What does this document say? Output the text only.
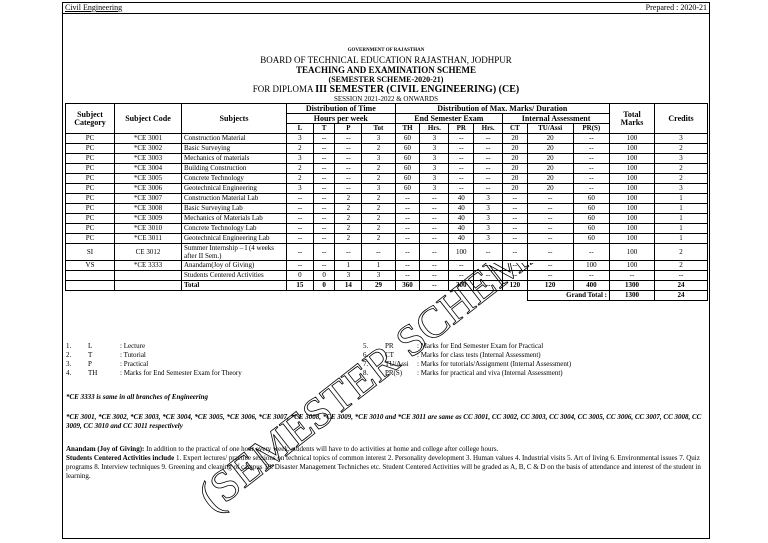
Civil Engineering	Prepared : 2020-21
GOVERNMENT OF RAJASTHAN
BOARD OF TECHNICAL EDUCATION RAJASTHAN, JODHPUR
TEACHING AND EXAMINATION SCHEME
(SEMESTER SCHEME-2020-21)
FOR DIPLOMA III SEMESTER (CIVIL ENGINEERING) (CE)
SESSION 2021-2022 & ONWARDS
Subject Category	Subject Code	Subjects	Distribution of Time				Distribution of Max. Marks/ Duration							Total Marks	Credits
			Hours per week				End Semester Exam				Internal Assessment				
			L	T	P	Tot	TH	Hrs.	PR	Hrs.	CT	TU/Assi	PR(S)		
PC	*CE 3001	Construction Material	3	--	--	3	60	3	--	--	20	20	--	100	3
PC	*CE 3002	Basic Surveying	2	--	--	2	60	3	--	--	20	20	--	100	2
PC	*CE 3003	Mechanics of materials	3	--	--	3	60	3	--	--	20	20	--	100	3
PC	*CE 3004	Building Construction	2	--	--	2	60	3	--	--	20	20	--	100	2
PC	*CE 3005	Concrete Technology	2	--	--	2	60	3	--	--	20	20	--	100	2
PC	*CE 3006	Geotechnical Engineering	3	--	--	3	60	3	--	--	20	20	--	100	3
PC	*CE 3007	Construction Material Lab	--	--	2	2	--	--	40	3	--	--	60	100	1
PC	*CE 3008	Basic Surveying Lab	--	--	2	2	--	--	40	3	--	--	60	100	1
PC	*CE 3009	Mechanics of Materials Lab	--	--	2	2	--	--	40	3	--	--	60	100	1
PC	*CE 3010	Concrete Technology Lab	--	--	2	2	--	--	40	3	--	--	60	100	1
PC	*CE 3011	Geotechnical Engineering Lab	--	--	2	2	--	--	40	3	--	--	60	100	1
SI	CE 3012	Summer Internship – I (4 weeks after II Sem.)	--	--	--	--	--	--	100	--	--	--	--	100	2
VS	*CE 3333	Anandam(Joy of Giving)	--	--	1	1	--	--	--	--	--	--	100	100	2
		Students Centered Activities	0	0	3	3	--	--	--	--	--	--	--	--	--
		Total	15	0	14	29	360	--	300	--	120	120	400	1300	24
												Grand Total :		1300	24
1.	L	: Lecture
2.	T	: Tutorial
3.	P	: Practical
4.	TH	: Marks for End Semester Exam for Theory
5.	PR	: Marks for End Semester Exam for Practical
6.	CT	: Marks for class tests (Internal Assessment)
7.	TU/Assi	: Marks for tutorials/Assignment (Internal Assessment)
8.	PR(S)	: Marks for practical and viva (Internal Assessment)
*CE 3333 is same in all branches of Engineering
*CE 3001, *CE 3002, *CE 3003, *CE 3004, *CE 3005, *CE 3006, *CE 3007, *CE 3008, *CE 3009, *CE 3010 and *CE 3011 are same as CC 3001, CC 3002, CC 3003, CC 3004, CC 3005, CC 3006, CC 3007, CC 3008, CC 3009, CC 3010 and CC 3011 respectively
Anandam (Joy of Giving): In addition to the practical of one hour every week, students will have to do activities at home and college after college hours.
Students Centered Activities include 1. Expert lectures/ practice sessions on technical topics of common interest 2. Personality development 3. Human values 4. Industrial visits 5. Art of living 6. Environmental issues 7. Quiz programs 8. Interview techniques 9. Greening and cleaning of campus 10. Disaster Management Techniches etc. Student Centered Activities will be graded as A, B, C & D on the basis of attendance and interest of the student in learning.	(SEMESTER
